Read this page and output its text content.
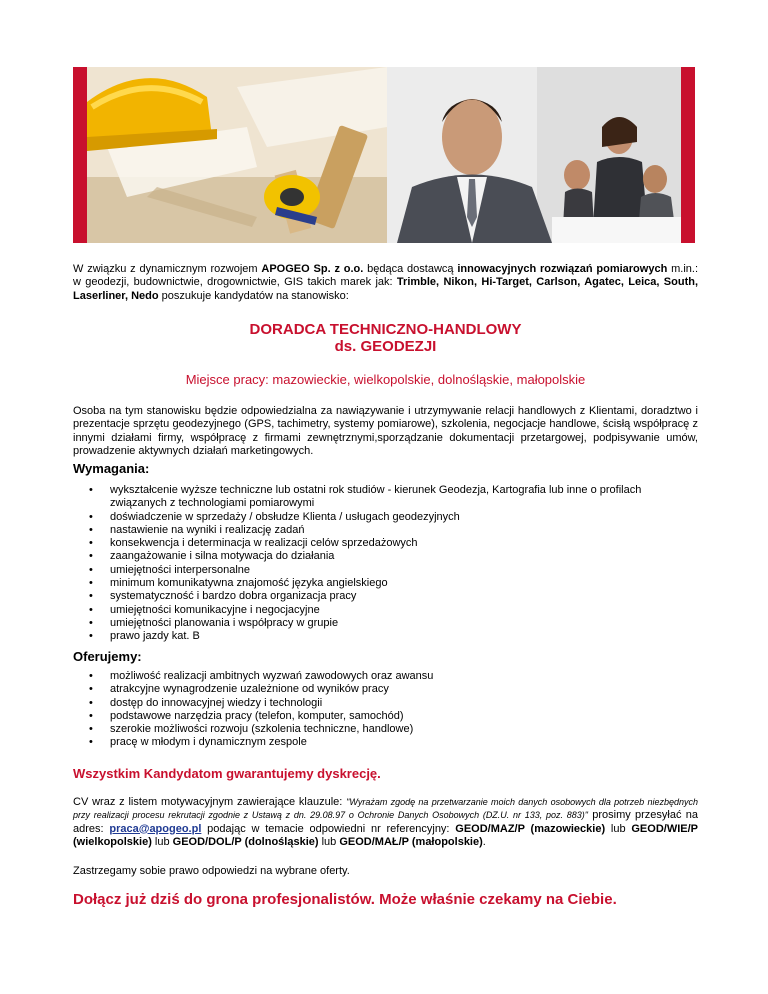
W związku z dynamicznym rozwojem APOGEO Sp. z o.o. będąca dostawcą innowacyjnych rozwiązań pomiarowych m.in.: w geodezji, budownictwie, drogownictwie, GIS takich marek jak: Trimble, Nikon, Hi-Target, Carlson, Agatec, Leica, South, Laserliner, Nedo poszukuje kandydatów na stanowisko:

DORADCA TECHNICZNO-HANDLOWY
ds. GEODEZJI
Miejsce pracy: mazowieckie, wielkopolskie, dolnośląskie, małopolskie

Osoba na tym stanowisku będzie odpowiedzialna za nawiązywanie i utrzymywanie relacji handlowych z Klientami, doradztwo i prezentacje sprzętu geodezyjnego (GPS, tachimetry, systemy pomiarowe), szkolenia, negocjacje handlowe, ścisłą współpracę z innymi działami firmy, współpracę z firmami zewnętrznymi,sporządzanie dokumentacji przetargowej, podpisywanie umów, prowadzenie aktywnych działań marketingowych.

Wymagania:
• wykształcenie wyższe techniczne lub ostatni rok studiów - kierunek Geodezja, Kartografia lub inne o profilach związanych z technologiami pomiarowymi
• doświadczenie w sprzedaży / obsłudze Klienta / usługach geodezyjnych
• nastawienie na wyniki i realizację zadań
• konsekwencja i determinacja w realizacji celów sprzedażowych
• zaangażowanie i silna motywacja do działania
• umiejętności interpersonalne
• minimum komunikatywna znajomość języka angielskiego
• systematyczność i bardzo dobra organizacja pracy
• umiejętności komunikacyjne i negocjacyjne
• umiejętności planowania i współpracy w grupie
• prawo jazdy kat. B
Oferujemy:
• możliwość realizacji ambitnych wyzwań zawodowych oraz awansu
• atrakcyjne wynagrodzenie uzależnione od wyników pracy
• dostęp do innowacyjnej wiedzy i technologii
• podstawowe narzędzia pracy (telefon, komputer, samochód)
• szerokie możliwości rozwoju (szkolenia techniczne, handlowe)
• pracę w młodym i dynamicznym zespole
Wszystkim Kandydatom gwarantujemy dyskrecję.

CV wraz z listem motywacyjnym zawierające klauzule: "Wyrażam zgodę na przetwarzanie moich danych osobowych dla potrzeb niezbędnych przy realizacji procesu rekrutacji zgodnie z Ustawą z dn. 29.08.97 o Ochronie Danych Osobowych (DZ.U. nr 133, poz. 883)" prosimy przesyłać na adres: praca@apogeo.pl podając w temacie odpowiedni nr referencyjny: GEOD/MAZ/P (mazowieckie) lub GEOD/WIE/P (wielkopolskie) lub GEOD/DOL/P (dolnośląskie) lub GEOD/MAŁ/P (małopolskie).

Zastrzegamy sobie prawo odpowiedzi na wybrane oferty.

Dołącz już dziś do grona profesjonalistów. Może właśnie czekamy na Ciebie.
